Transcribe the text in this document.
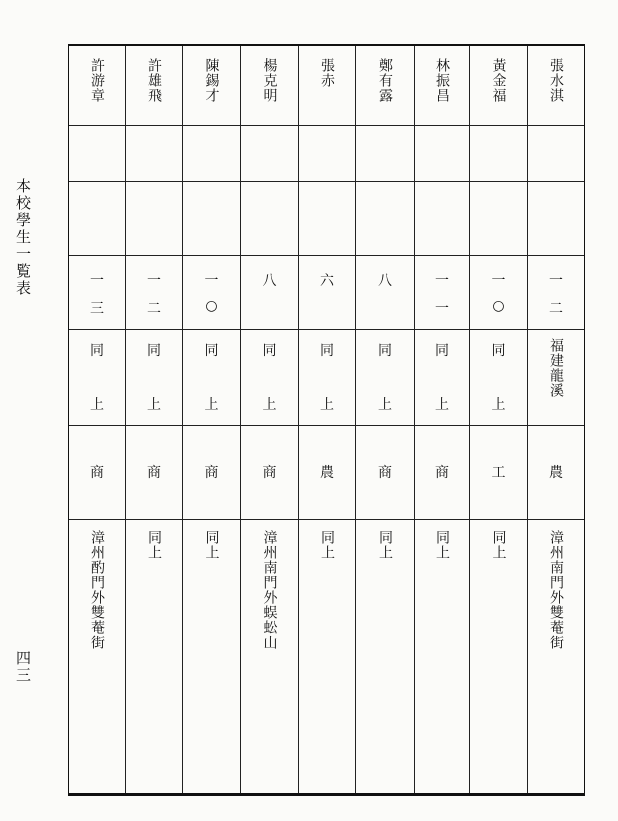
本校學生一覧表
四三
許游章
一
三
同
上
商
漳州酌門外雙菴街
許雄飛
一
二
同
上
商
同上
陳錫才
一
○
同
上
商
同上
楊克明
八
同
上
商
漳州南門外蜈蚣山
張赤
六
同
上
農
同上
鄭有露
八
同
上
商
同上
林振昌
一
一
同
上
商
同上
黃金福
一
○
同
上
工
同上
張水淇
一
二
福建龍溪
農
漳州南門外雙菴街
